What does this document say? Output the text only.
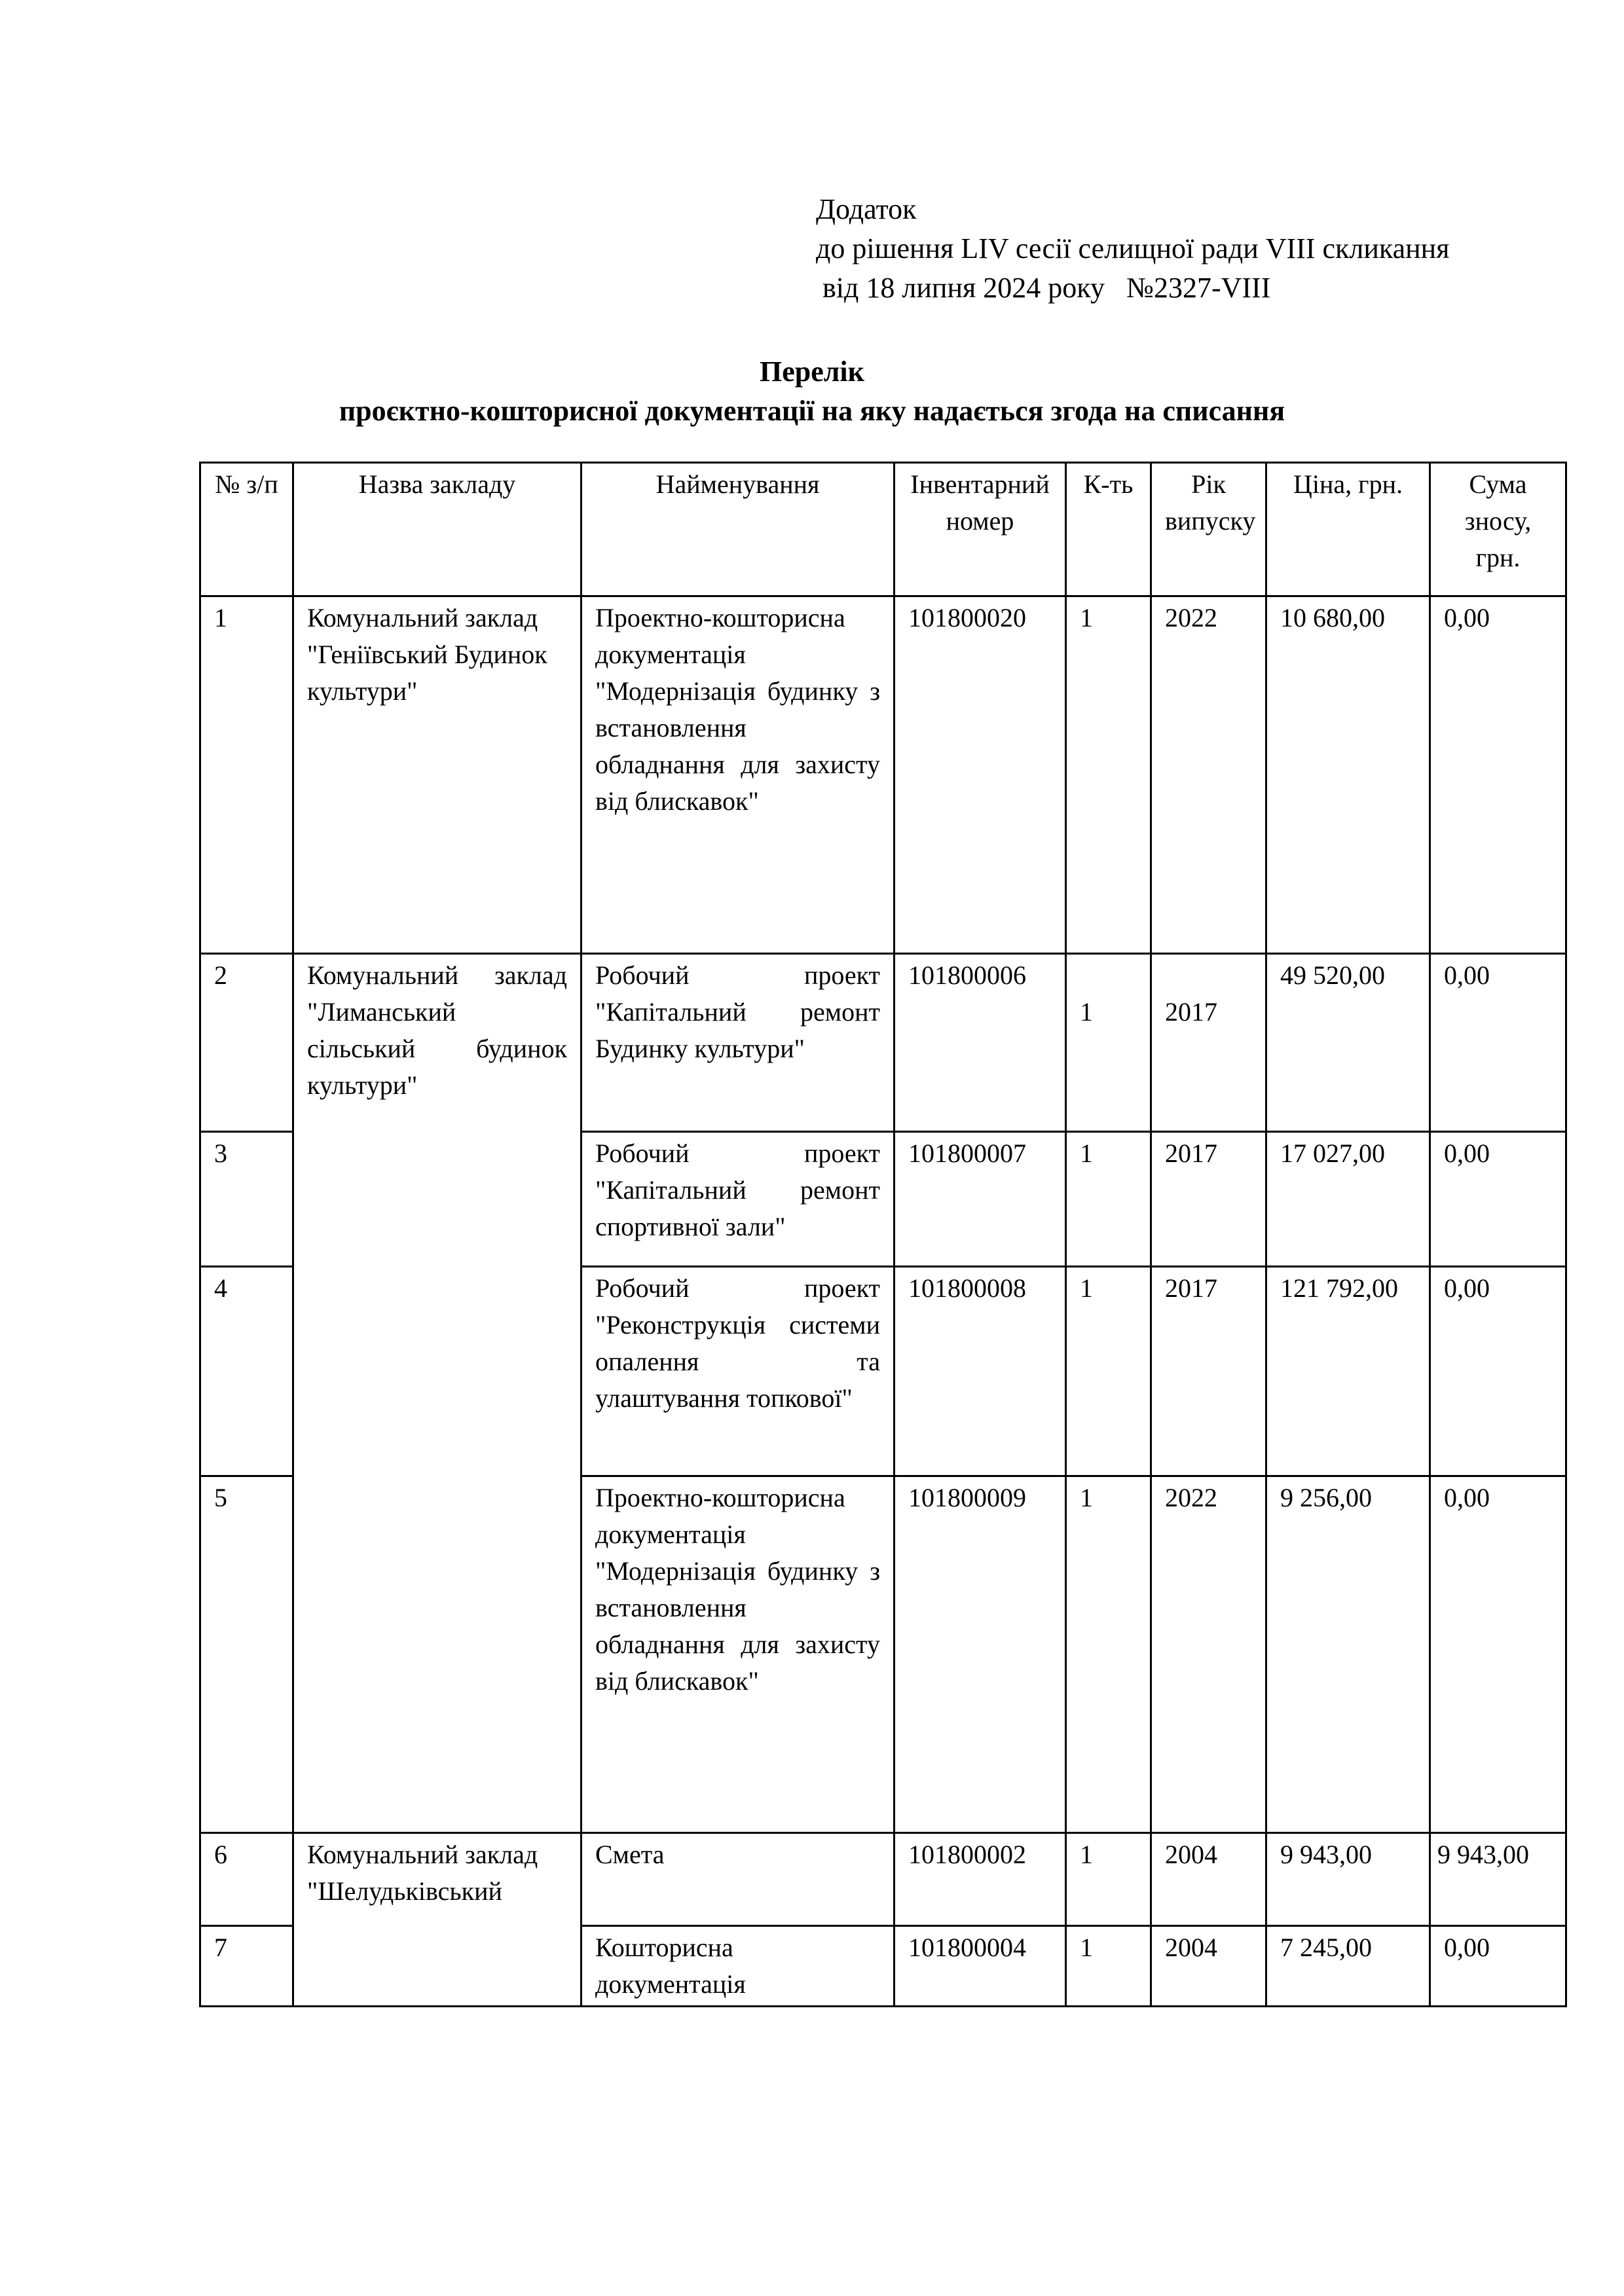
Додаток
до рішення LIV сесії селищної ради VIII скликання
від 18 липня 2024 року   №2327-VIII
Перелік
проєктно-кошторисної документації на яку надається згода на списання
№ з/п	Назва закладу	Найменування	Інвентарний номер	К-ть	Рік випуску	Ціна, грн.	Сума зносу, грн.
1	Комунальний заклад "Геніївський Будинок культури"	Проектно-кошторисна документація "Модернізація будинку з встановлення обладнання для захисту від блискавок"	101800020	1	2022	10 680,00	0,00
2	Комунальний заклад "Лиманський сільський будинок культури"	Робочий проект "Капітальний ремонт Будинку культури"	101800006	1	2017	49 520,00	0,00
3		Робочий проект "Капітальний ремонт спортивної зали"	101800007	1	2017	17 027,00	0,00
4		Робочий проект "Реконструкція системи опалення та улаштування топкової"	101800008	1	2017	121 792,00	0,00
5		Проектно-кошторисна документація "Модернізація будинку з встановлення обладнання для захисту від блискавок"	101800009	1	2022	9 256,00	0,00
6	Комунальний заклад "Шелудьківський	Смета	101800002	1	2004	9 943,00	9 943,00
7		Кошторисна документація	101800004	1	2004	7 245,00	0,00
